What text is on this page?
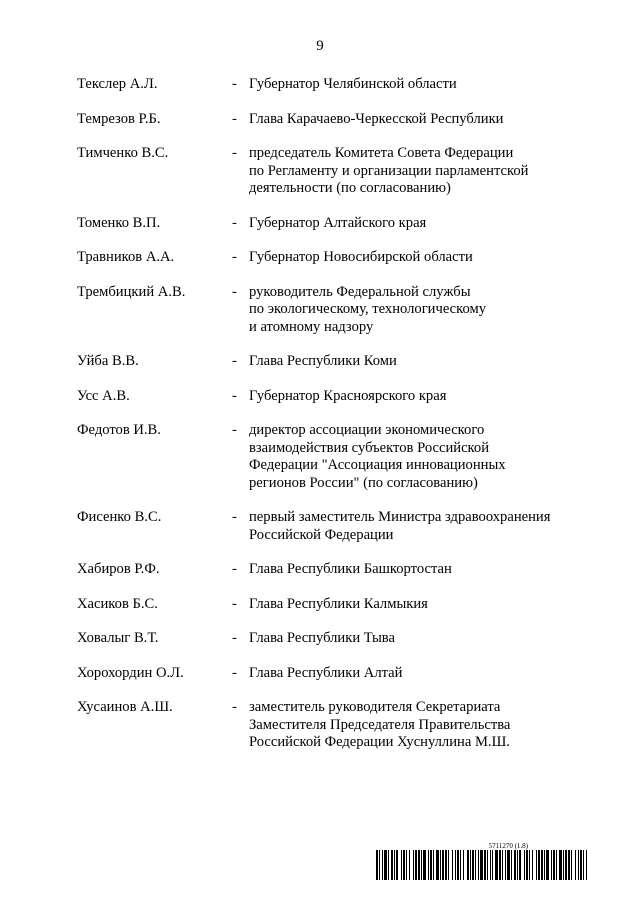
9
Текслер А.Л.	- Губернатор Челябинской области
Темрезов Р.Б.	- Глава Карачаево-Черкесской Республики
Тимченко В.С.	- председатель Комитета Совета Федерации
по Регламенту и организации парламентской
деятельности (по согласованию)
Томенко В.П.	- Губернатор Алтайского края
Травников А.А.	- Губернатор Новосибирской области
Трембицкий А.В.	- руководитель Федеральной службы
по экологическому, технологическому
и атомному надзору
Уйба В.В.	- Глава Республики Коми
Усс А.В.	- Губернатор Красноярского края
Федотов И.В.	- директор ассоциации экономического
взаимодействия субъектов Российской
Федерации "Ассоциация инновационных
регионов России" (по согласованию)
Фисенко В.С.	- первый заместитель Министра здравоохранения
Российской Федерации
Хабиров Р.Ф.	- Глава Республики Башкортостан
Хасиков Б.С.	- Глава Республики Калмыкия
Ховалыг В.Т.	- Глава Республики Тыва
Хорохордин О.Л.	- Глава Республики Алтай
Хусаинов А.Ш.	- заместитель руководителя Секретариата
Заместителя Председателя Правительства
Российской Федерации Хуснуллина М.Ш.
5711270 (1.8)
